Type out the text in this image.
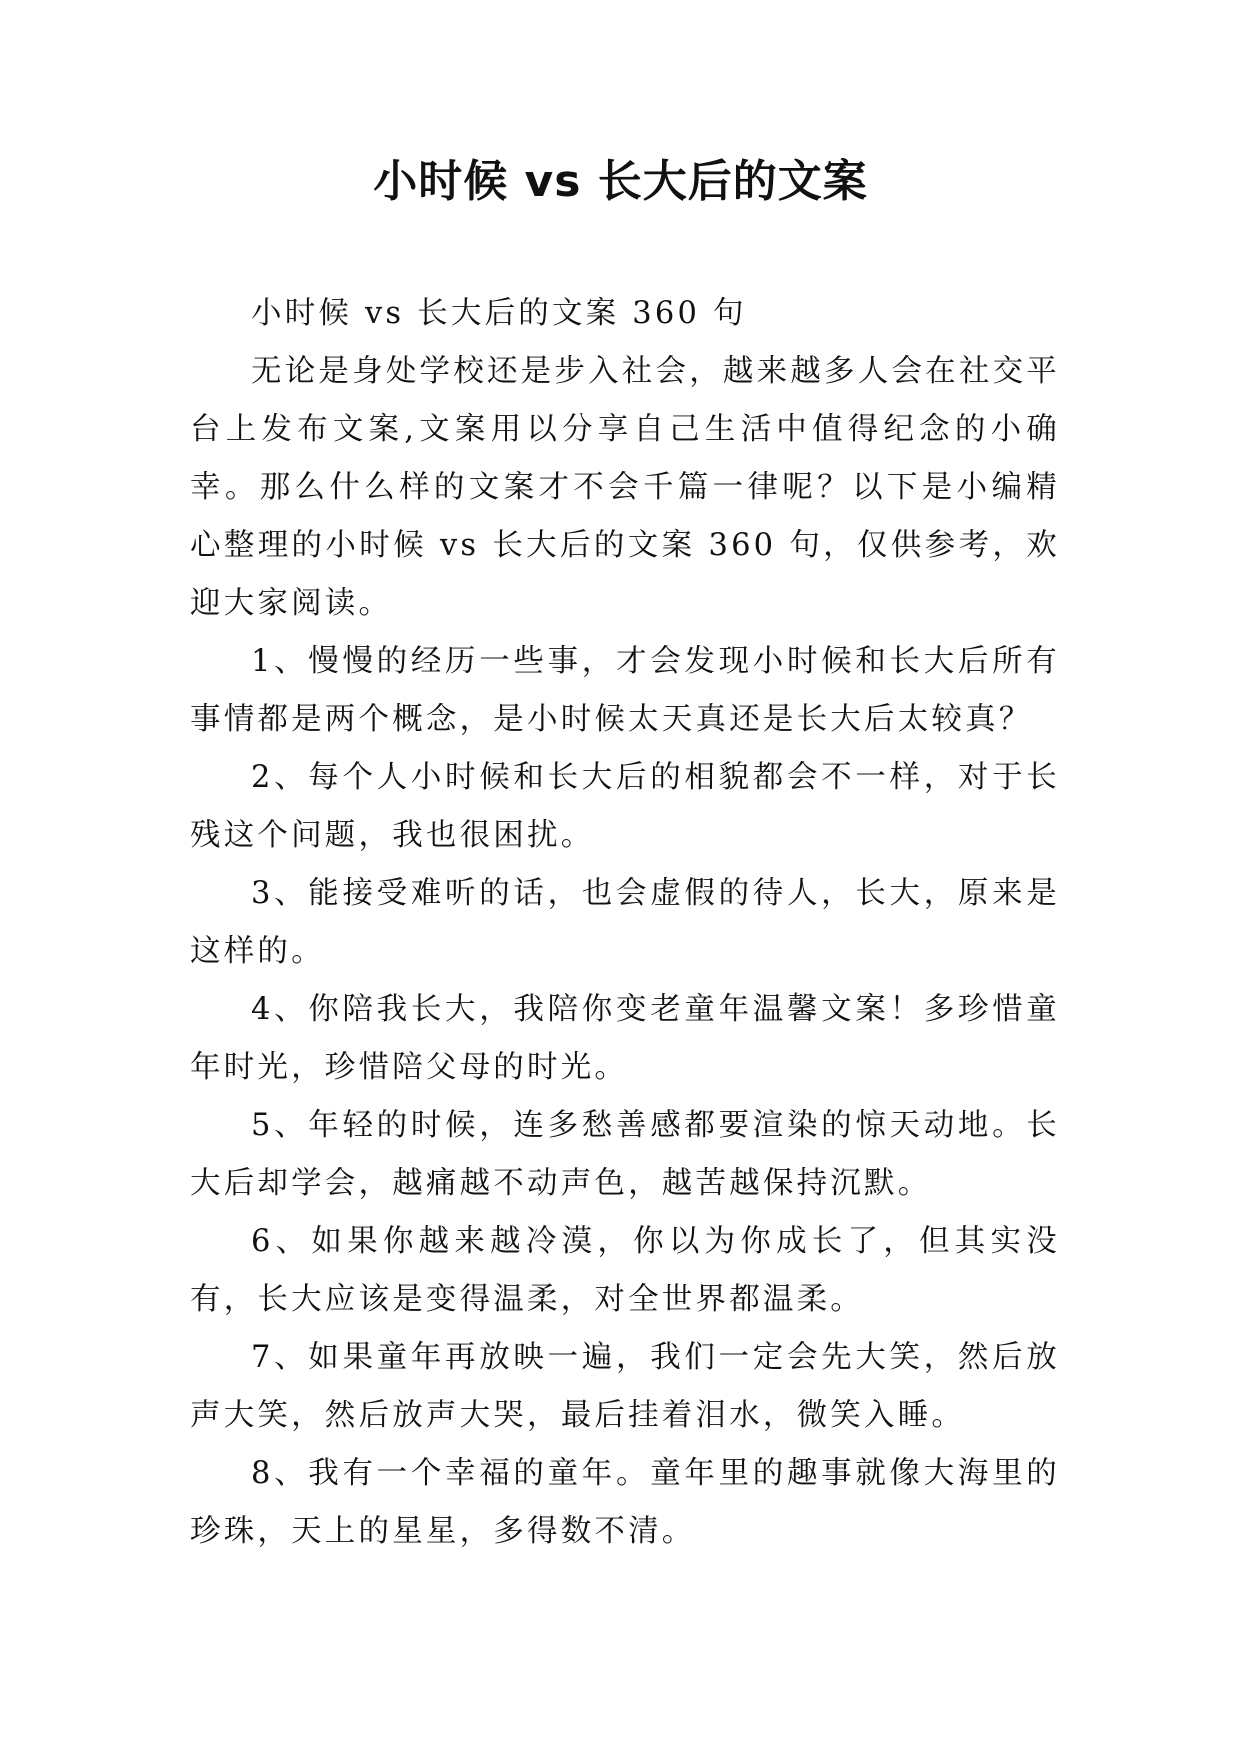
小时候 vs 长大后的文案

小时候 vs 长大后的文案 360 句

无论是身处学校还是步入社会，越来越多人会在社交平台上发布文案,文案用以分享自己生活中值得纪念的小确幸。那么什么样的文案才不会千篇一律呢？以下是小编精心整理的小时候 vs 长大后的文案 360 句，仅供参考，欢迎大家阅读。

1、慢慢的经历一些事，才会发现小时候和长大后所有事情都是两个概念，是小时候太天真还是长大后太较真？

2、每个人小时候和长大后的相貌都会不一样，对于长残这个问题，我也很困扰。

3、能接受难听的话，也会虚假的待人，长大，原来是这样的。

4、你陪我长大，我陪你变老童年温馨文案！多珍惜童年时光，珍惜陪父母的时光。

5、年轻的时候，连多愁善感都要渲染的惊天动地。长大后却学会，越痛越不动声色，越苦越保持沉默。

6、如果你越来越冷漠，你以为你成长了，但其实没有，长大应该是变得温柔，对全世界都温柔。

7、如果童年再放映一遍，我们一定会先大笑，然后放声大笑，然后放声大哭，最后挂着泪水，微笑入睡。

8、我有一个幸福的童年。童年里的趣事就像大海里的珍珠，天上的星星，多得数不清。
